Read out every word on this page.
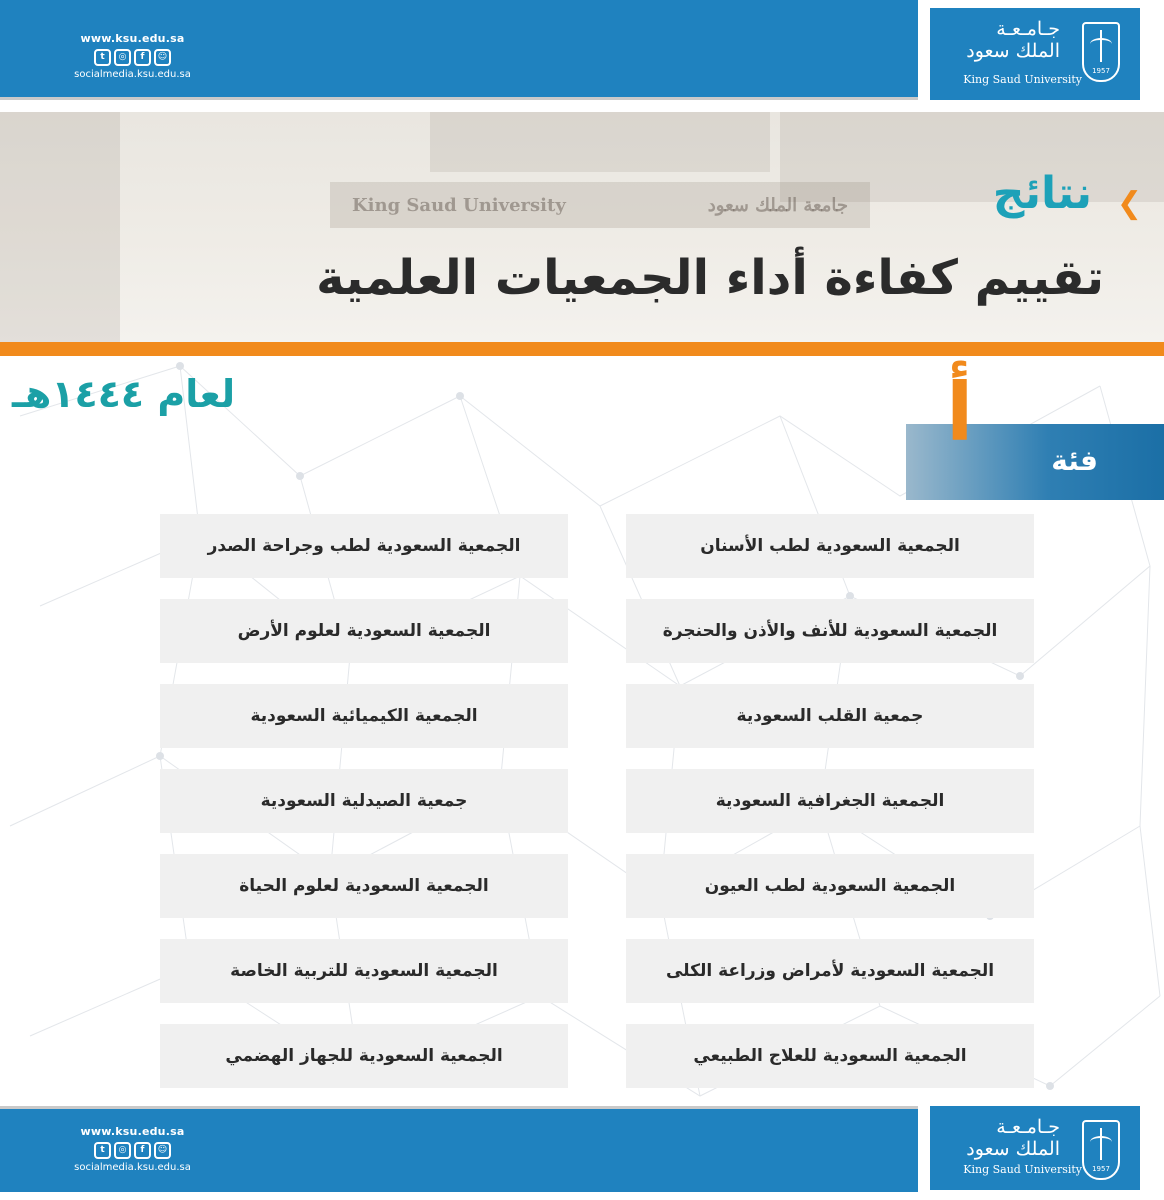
www.ksu.edu.sa
t	◎	f	☺
socialmedia.ksu.edu.sa
جـامـعـة
الملك سعود
King Saud University
1957
King Saud University	جامعة الملك سعود	❮
نتائج
تقييم كفاءة أداء الجمعيات العلمية
لعام ١٤٤٤هـ
فئة
أ
الجمعية السعودية لطب الأسنان
الجمعية السعودية للأنف والأذن والحنجرة
جمعية القلب السعودية
الجمعية الجغرافية السعودية
الجمعية السعودية لطب العيون
الجمعية السعودية لأمراض وزراعة الكلى
الجمعية السعودية للعلاج الطبيعي
الجمعية السعودية لطب وجراحة الصدر
الجمعية السعودية لعلوم الأرض
الجمعية الكيميائية السعودية
جمعية الصيدلية السعودية
الجمعية السعودية لعلوم الحياة
الجمعية السعودية للتربية الخاصة
الجمعية السعودية للجهاز الهضمي
www.ksu.edu.sa
t	◎	f	☺
socialmedia.ksu.edu.sa
جـامـعـة
الملك سعود
King Saud University	1957
